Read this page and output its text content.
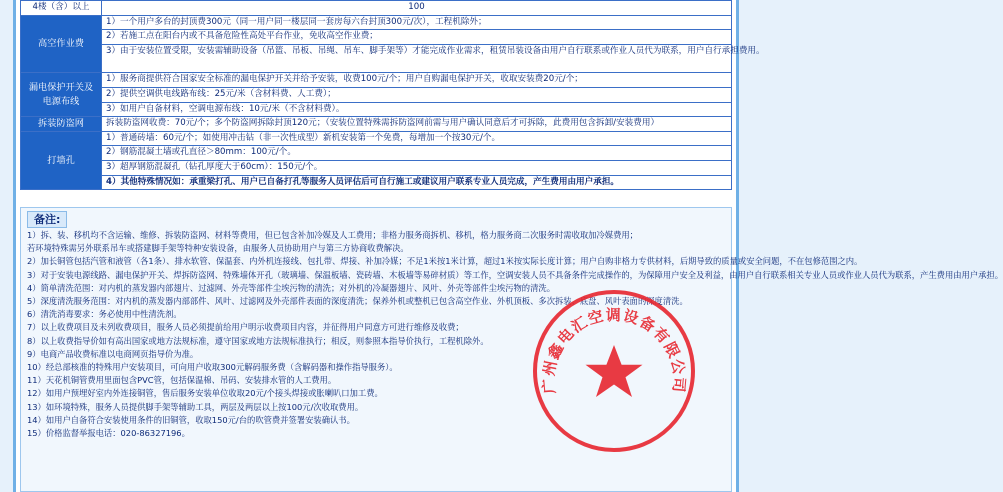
4楼（含）以上	100
高空作业费	1）一个用户多台的封顶费300元（同一用户同一楼层同一套房每六台封顶300元/次），工程机除外；
	2）若施工点在阳台内或不具备危险性高处平台作业，免收高空作业费；
	3）由于安装位置受限，安装需辅助设备（吊篮、吊板、吊绳、吊车、脚手架等）才能完成作业需求，租赁吊装设备由用户自行联系或作业人员代为联系，用户自行承担费用。

漏电保护开关及电源布线	1）服务商提供符合国家安全标准的漏电保护开关并给予安装，收费100元/个；用户自购漏电保护开关，收取安装费20元/个；
	2）提供空调供电线路布线：25元/米（含材料费、人工费）；
	3）如用户自备材料，空调电源布线：10元/米（不含材料费）。
拆装防盗网	拆装防盗网收费：70元/个；多个防盗网拆除封顶120元；（安装位置特殊需拆防盗网前需与用户确认同意后才可拆除，此费用包含拆卸/安装费用）
打墙孔	1）普通砖墙：60元/个；如使用冲击钻（非一次性成型）新机安装第一个免费，每增加一个按30元/个。
	2）钢筋混凝土墙或孔直径＞80mm：100元/个。
	3）超厚钢筋混凝孔（钻孔厚度大于60cm）：150元/个。
	4）其他特殊情况如：承重梁打孔、用户已自备打孔等服务人员评估后可自行施工或建议用户联系专业人员完成，产生费用由用户承担。
备注:
1）拆、装、移机均不含运输、维修、拆装防盗网、材料等费用，但已包含补加冷媒及人工费用；非格力服务商拆机、移机，格力服务商二次服务时需收取加冷媒费用；
若环境特殊需另外联系吊车或搭建脚手架等特种安装设备，由服务人员协助用户与第三方协商收费解决。
2）加长铜管包括汽管和液管（各1条）、排水软管、保温套、内外机连接线、包扎带、焊接、补加冷媒；不足1米按1米计算，超过1米按实际长度计算；用户自购非格力专供材料，后期导致的质量或安全问题，不在包修范围之内。
3）对于安装电源线路、漏电保护开关、焊拆防盗网、特殊墙体开孔（玻璃墙、保温板墙、瓷砖墙、木板墙等易碎材质）等工作，空调安装人员不具备条件完成操作的，为保障用户安全及利益，由用户自行联系相关专业人员或作业人员代为联系，产生费用由用户承担。
4）简单清洗范围：对内机的蒸发器内部翅片、过滤网、外壳等部件尘埃污物的清洗；对外机的冷凝器翅片、风叶、外壳等部件尘埃污物的清洗。
5）深度清洗服务范围：对内机的蒸发器内部部件、风叶、过滤网及外壳部件表面的深度清洗；保养外机或整机已包含高空作业、外机顶板、多次拆装、底盘、风叶表面的深度清洗。
6）清洗消毒要求：务必使用中性清洗剂。
7）以上收费项目及未列收费项目，服务人员必须提前给用户明示收费项目内容，并征得用户同意方可进行维修及收费；
8）以上收费指导价如有高出国家或地方法规标准，遵守国家或地方法规标准执行；相反，则参照本指导价执行，工程机除外。
9）电商产品收费标准以电商网页指导价为准。
10）经总部核准的特殊用户安装项目，可向用户收取300元解码服务费（含解码器和操作指导服务）。
11）天花机铜管费用里面包含PVC管，包括保温棉、吊码、安装排水管的人工费用。
12）如用户预埋好室内外连接铜管，售后服务安装单位收取20元/个接头焊接或胀喇叭口加工费。
13）如环境特殊，服务人员提供脚手架等辅助工具，两层及两层以上按100元/次收取费用。
14）如用户自备符合安装使用条件的旧铜管，收取150元/台的吹管费并签署安装确认书。
15）价格监督举报电话：020-86327196。
广州鑫电汇空调设备有限公司
